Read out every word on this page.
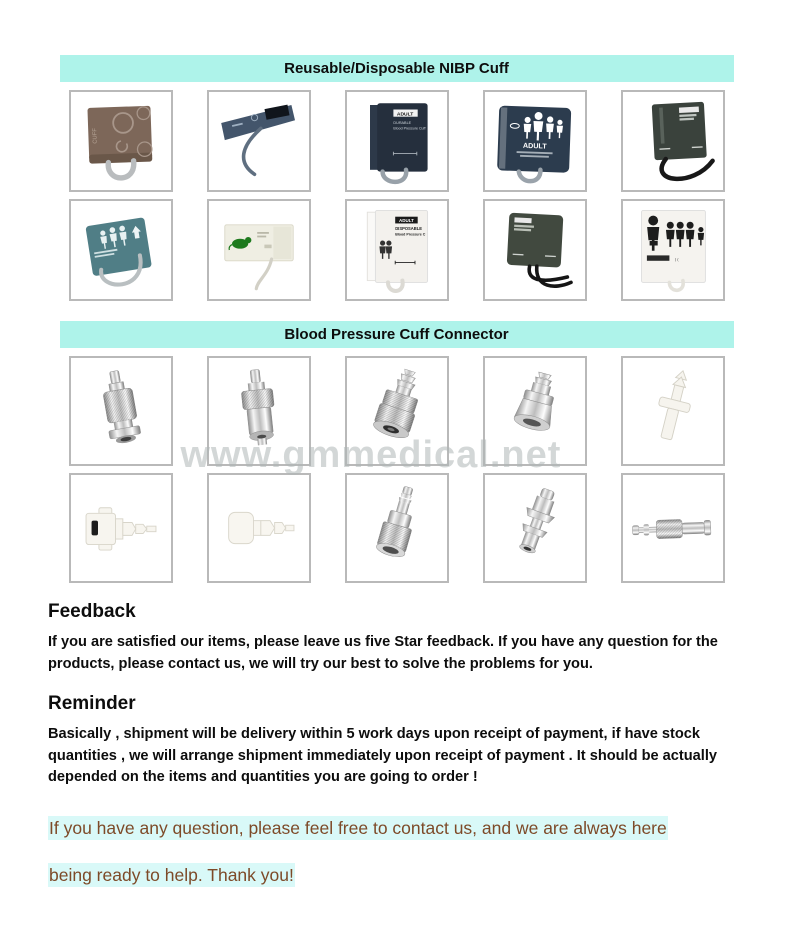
Reusable/Disposable NIBP Cuff
CUFF
ADULT
DURABLE
Blood Pressure Cuff
ADULT
ADULT
DISPOSABLE
Blood Pressure C
( (
Blood Pressure Cuff Connector
www.gmmedical.net
Feedback
If you are satisfied our items, please leave us five Star feedback. If you have any question for the products, please contact us, we will try our best to solve the problems for you.
Reminder
Basically , shipment will be delivery within 5 work days upon receipt of payment, if have stock quantities , we will arrange shipment immediately upon receipt of payment . It should be actually depended on the items and quantities you are going to order !
If you have any question, please feel free to contact us, and we are always here
being ready to help. Thank you!
